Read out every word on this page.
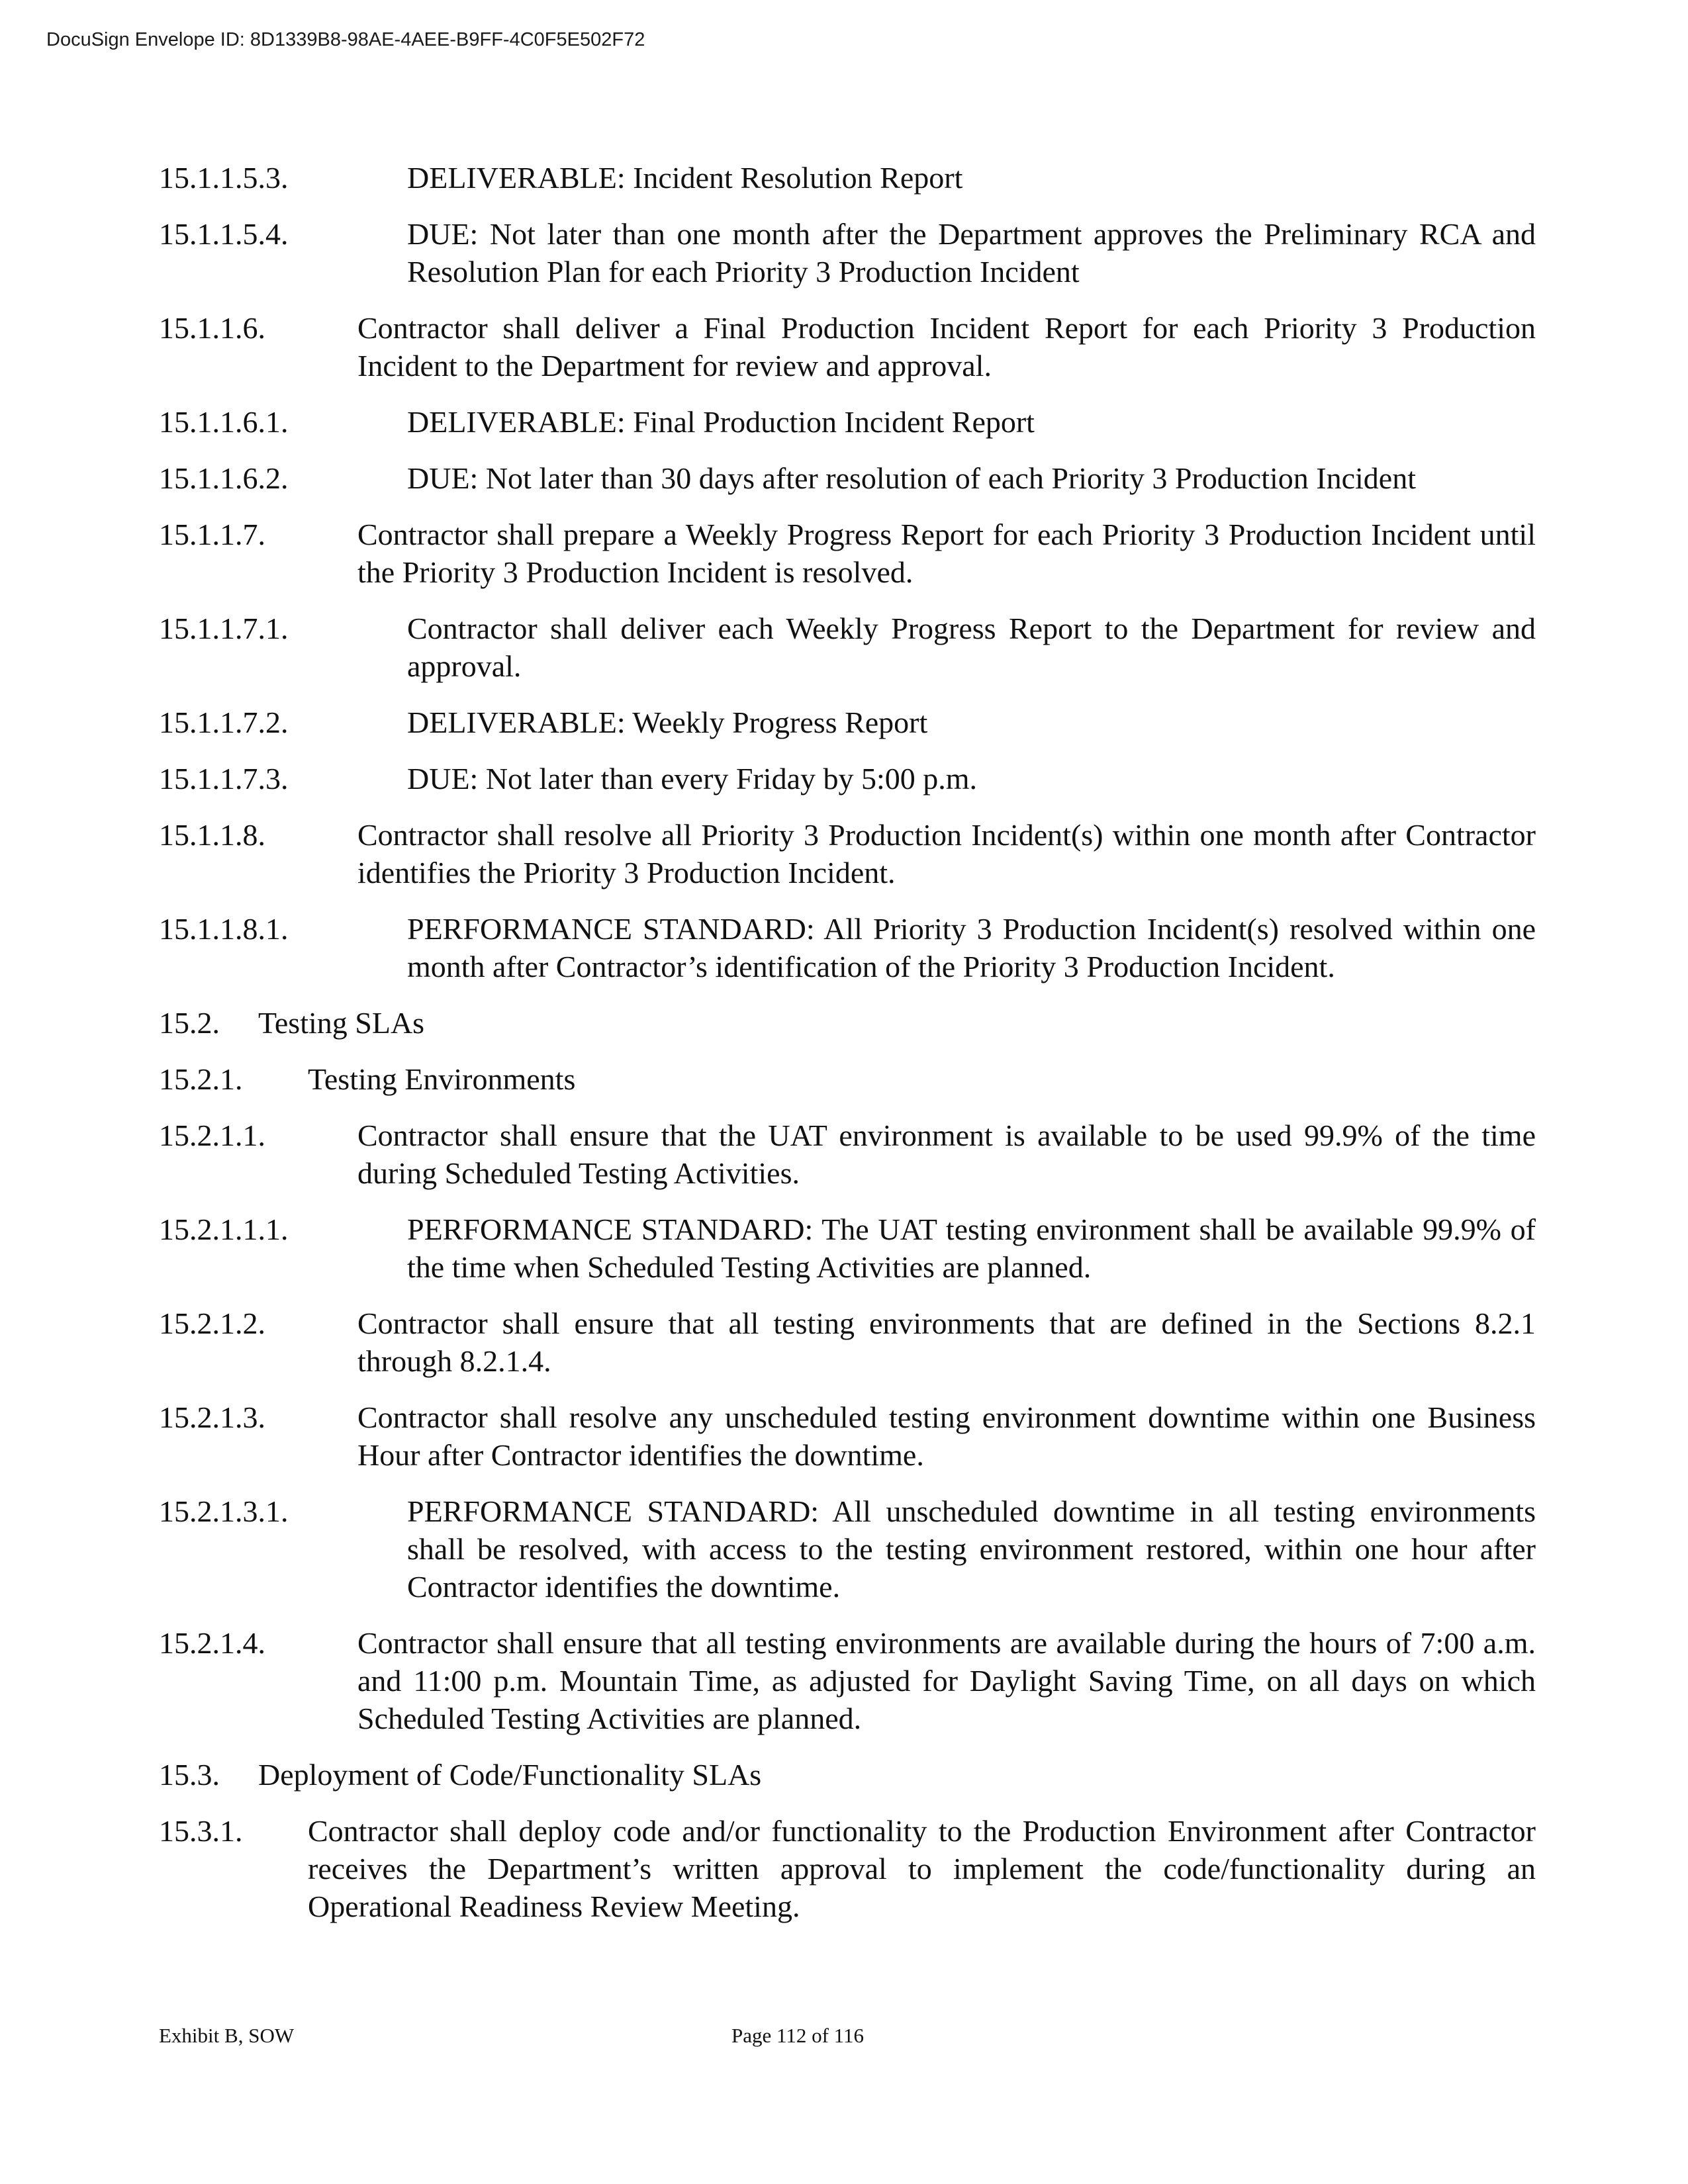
DocuSign Envelope ID: 8D1339B8-98AE-4AEE-B9FF-4C0F5E502F72
15.1.1.5.3.	DELIVERABLE: Incident Resolution Report
15.1.1.5.4.	DUE: Not later than one month after the Department approves the Preliminary RCA and Resolution Plan for each Priority 3 Production Incident
15.1.1.6.	Contractor shall deliver a Final Production Incident Report for each Priority 3 Production Incident to the Department for review and approval.
15.1.1.6.1.	DELIVERABLE: Final Production Incident Report
15.1.1.6.2.	DUE: Not later than 30 days after resolution of each Priority 3 Production Incident
15.1.1.7.	Contractor shall prepare a Weekly Progress Report for each Priority 3 Production Incident until the Priority 3 Production Incident is resolved.
15.1.1.7.1.	Contractor shall deliver each Weekly Progress Report to the Department for review and approval.
15.1.1.7.2.	DELIVERABLE: Weekly Progress Report
15.1.1.7.3.	DUE: Not later than every Friday by 5:00 p.m.
15.1.1.8.	Contractor shall resolve all Priority 3 Production Incident(s) within one month after Contractor identifies the Priority 3 Production Incident.
15.1.1.8.1.	PERFORMANCE STANDARD: All Priority 3 Production Incident(s) resolved within one month after Contractor’s identification of the Priority 3 Production Incident.
15.2. Testing SLAs
15.2.1. Testing Environments
15.2.1.1.	Contractor shall ensure that the UAT environment is available to be used 99.9% of the time during Scheduled Testing Activities.
15.2.1.1.1.	PERFORMANCE STANDARD: The UAT testing environment shall be available 99.9% of the time when Scheduled Testing Activities are planned.
15.2.1.2.	Contractor shall ensure that all testing environments that are defined in the Sections 8.2.1 through 8.2.1.4.
15.2.1.3.	Contractor shall resolve any unscheduled testing environment downtime within one Business Hour after Contractor identifies the downtime.
15.2.1.3.1.	PERFORMANCE STANDARD: All unscheduled downtime in all testing environments shall be resolved, with access to the testing environment restored, within one hour after Contractor identifies the downtime.
15.2.1.4.	Contractor shall ensure that all testing environments are available during the hours of 7:00 a.m. and 11:00 p.m. Mountain Time, as adjusted for Daylight Saving Time, on all days on which Scheduled Testing Activities are planned.
15.3. Deployment of Code/Functionality SLAs
15.3.1. Contractor shall deploy code and/or functionality to the Production Environment after Contractor receives the Department’s written approval to implement the code/functionality during an Operational Readiness Review Meeting.
Exhibit B, SOW	Page 112 of 116
